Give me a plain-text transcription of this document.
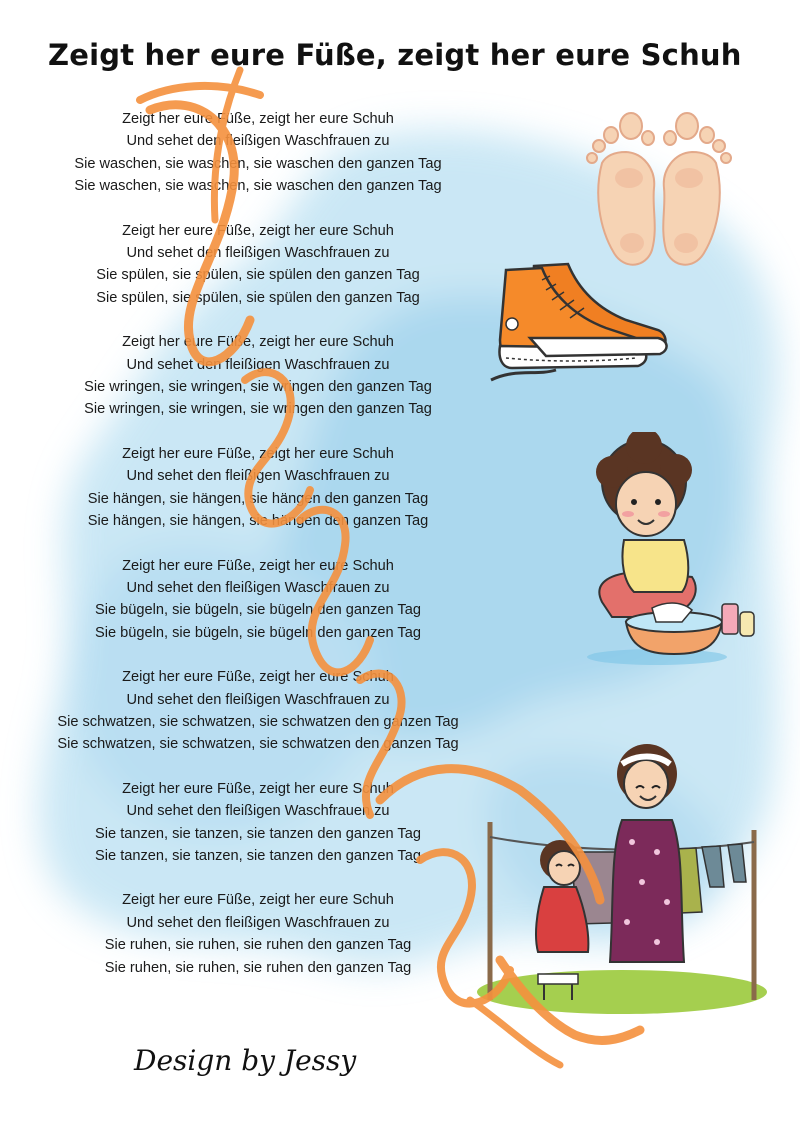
Zeigt her eure Füße, zeigt her eure Schuh
Zeigt her eure Füße, zeigt her eure Schuh
Und sehet den fleißigen Waschfrauen zu
Sie waschen, sie waschen, sie waschen den ganzen Tag
Sie waschen, sie waschen, sie waschen den ganzen Tag
Zeigt her eure Füße, zeigt her eure Schuh
Und sehet den fleißigen Waschfrauen zu
Sie spülen, sie spülen, sie spülen den ganzen Tag
Sie spülen, sie spülen, sie spülen den ganzen Tag
Zeigt her eure Füße, zeigt her eure Schuh
Und sehet den fleißigen Waschfrauen zu
Sie wringen, sie wringen, sie wringen den ganzen Tag
Sie wringen, sie wringen, sie wringen den ganzen Tag
Zeigt her eure Füße, zeigt her eure Schuh
Und sehet den fleißigen Waschfrauen zu
Sie hängen, sie hängen, sie hängen den ganzen Tag
Sie hängen, sie hängen, sie hängen den ganzen Tag
Zeigt her eure Füße, zeigt her eure Schuh
Und sehet den fleißigen Waschfrauen zu
Sie bügeln, sie bügeln, sie bügeln den ganzen Tag
Sie bügeln, sie bügeln, sie bügeln den ganzen Tag
Zeigt her eure Füße, zeigt her eure Schuh
Und sehet den fleißigen Waschfrauen zu
Sie schwatzen, sie schwatzen, sie schwatzen den ganzen Tag
Sie schwatzen, sie schwatzen, sie schwatzen den ganzen Tag
Zeigt her eure Füße, zeigt her eure Schuh
Und sehet den fleißigen Waschfrauen zu
Sie tanzen, sie tanzen, sie tanzen den ganzen Tag
Sie tanzen, sie tanzen, sie tanzen den ganzen Tag
Zeigt her eure Füße, zeigt her eure Schuh
Und sehet den fleißigen Waschfrauen zu
Sie ruhen, sie ruhen, sie ruhen den ganzen Tag
Sie ruhen, sie ruhen, sie ruhen den ganzen Tag
Design by Jessy
Design by Jessy
